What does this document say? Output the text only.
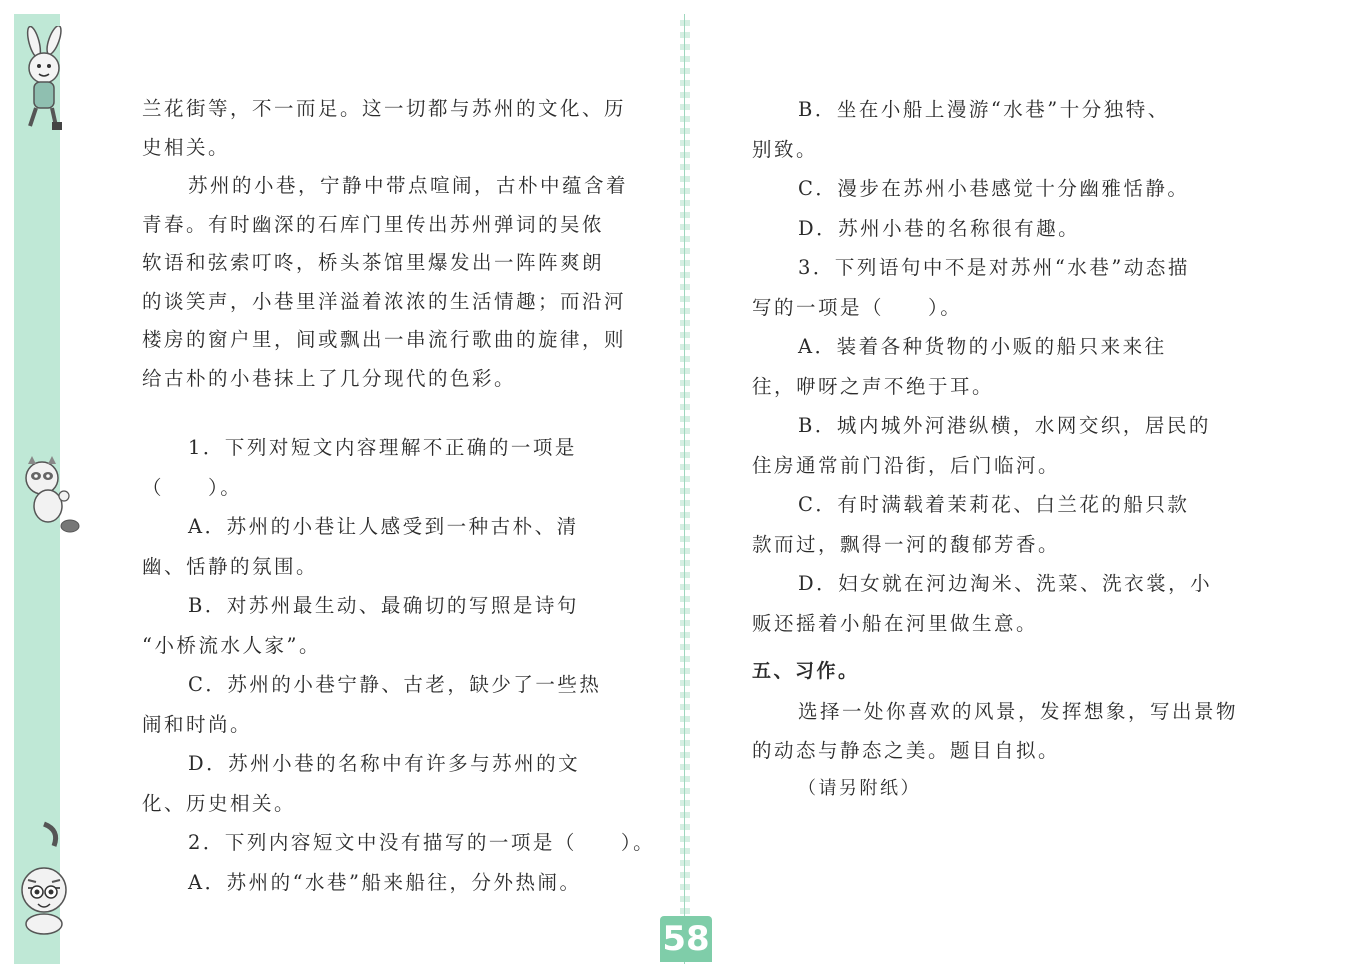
兰花街等，不一而足。这一切都与苏州的文化、历
史相关。

苏州的小巷，宁静中带点喧闹，古朴中蕴含着
青春。有时幽深的石库门里传出苏州弹词的吴侬
软语和弦索叮咚，桥头茶馆里爆发出一阵阵爽朗
的谈笑声，小巷里洋溢着浓浓的生活情趣；而沿河
楼房的窗户里，间或飘出一串流行歌曲的旋律，则
给古朴的小巷抹上了几分现代的色彩。

1．下列对短文内容理解不正确的一项是
（　　）。
A．苏州的小巷让人感受到一种古朴、清
幽、恬静的氛围。
B．对苏州最生动、最确切的写照是诗句
“小桥流水人家”。
C．苏州的小巷宁静、古老，缺少了一些热
闹和时尚。
D．苏州小巷的名称中有许多与苏州的文
化、历史相关。
2．下列内容短文中没有描写的一项是（　　）。
A．苏州的“水巷”船来船往，分外热闹。
B．坐在小船上漫游“水巷”十分独特、
别致。
C．漫步在苏州小巷感觉十分幽雅恬静。
D．苏州小巷的名称很有趣。
3．下列语句中不是对苏州“水巷”动态描
写的一项是（　　）。
A．装着各种货物的小贩的船只来来往
往，咿呀之声不绝于耳。
B．城内城外河港纵横，水网交织，居民的
住房通常前门沿街，后门临河。
C．有时满载着茉莉花、白兰花的船只款
款而过，飘得一河的馥郁芳香。
D．妇女就在河边淘米、洗菜、洗衣裳，小
贩还摇着小船在河里做生意。

五、习作。

选择一处你喜欢的风景，发挥想象，写出景物
的动态与静态之美。题目自拟。

（请另附纸）

58
